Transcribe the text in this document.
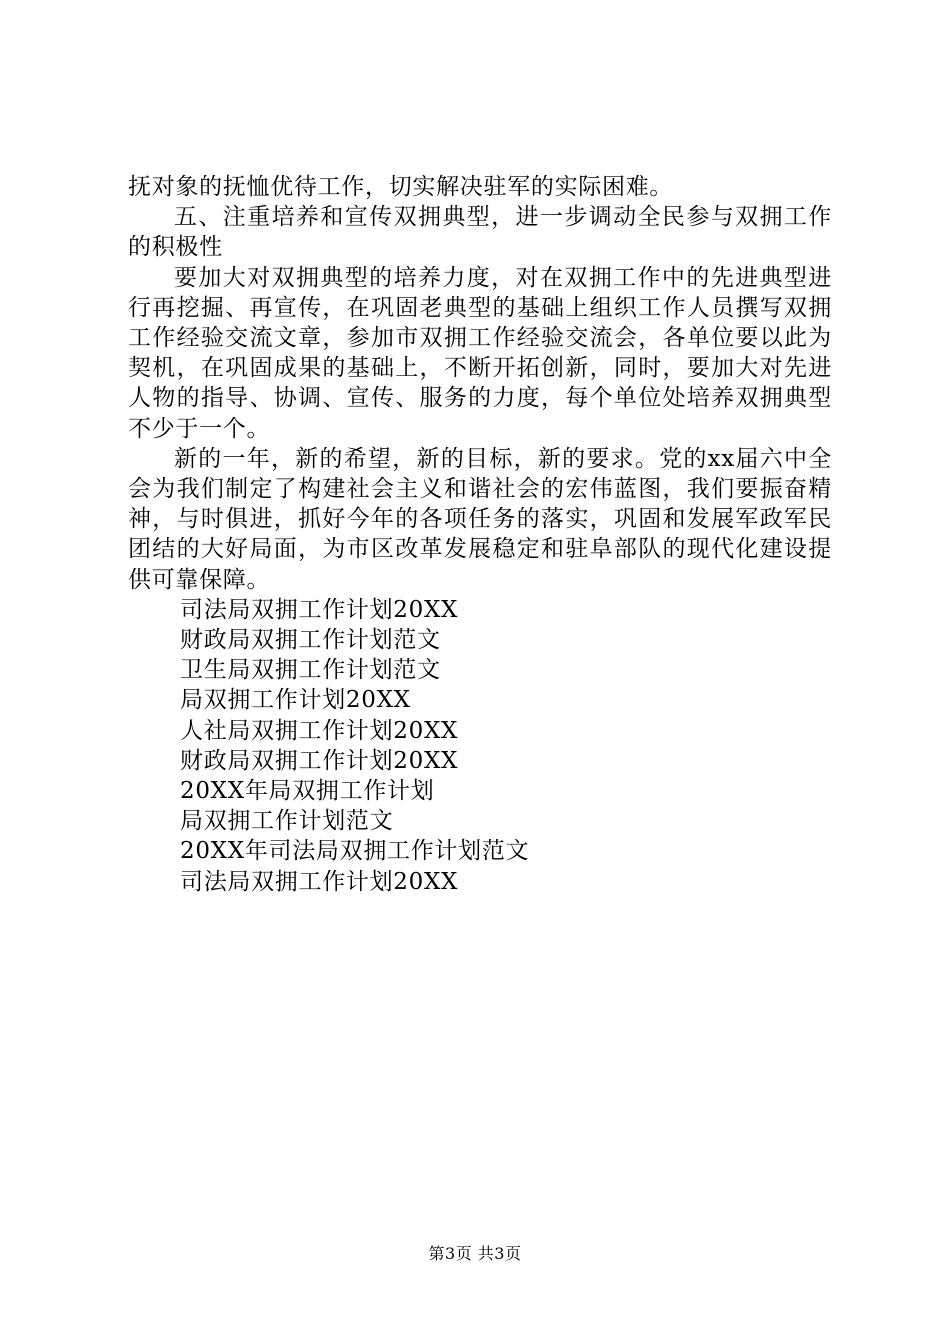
抚对象的抚恤优待工作，切实解决驻军的实际困难。

五、注重培养和宣传双拥典型，进一步调动全民参与双拥工作的积极性

要加大对双拥典型的培养力度，对在双拥工作中的先进典型进行再挖掘、再宣传，在巩固老典型的基础上组织工作人员撰写双拥工作经验交流文章，参加市双拥工作经验交流会，各单位要以此为契机，在巩固成果的基础上，不断开拓创新，同时，要加大对先进人物的指导、协调、宣传、服务的力度，每个单位处培养双拥典型不少于一个。

新的一年，新的希望，新的目标，新的要求。党的xx届六中全会为我们制定了构建社会主义和谐社会的宏伟蓝图，我们要振奋精神，与时俱进，抓好今年的各项任务的落实，巩固和发展军政军民团结的大好局面，为市区改革发展稳定和驻阜部队的现代化建设提供可靠保障。

司法局双拥工作计划20XX
财政局双拥工作计划范文
卫生局双拥工作计划范文
局双拥工作计划20XX
人社局双拥工作计划20XX
财政局双拥工作计划20XX
20XX年局双拥工作计划
局双拥工作计划范文
20XX年司法局双拥工作计划范文
司法局双拥工作计划20XX
第3页 共3页
